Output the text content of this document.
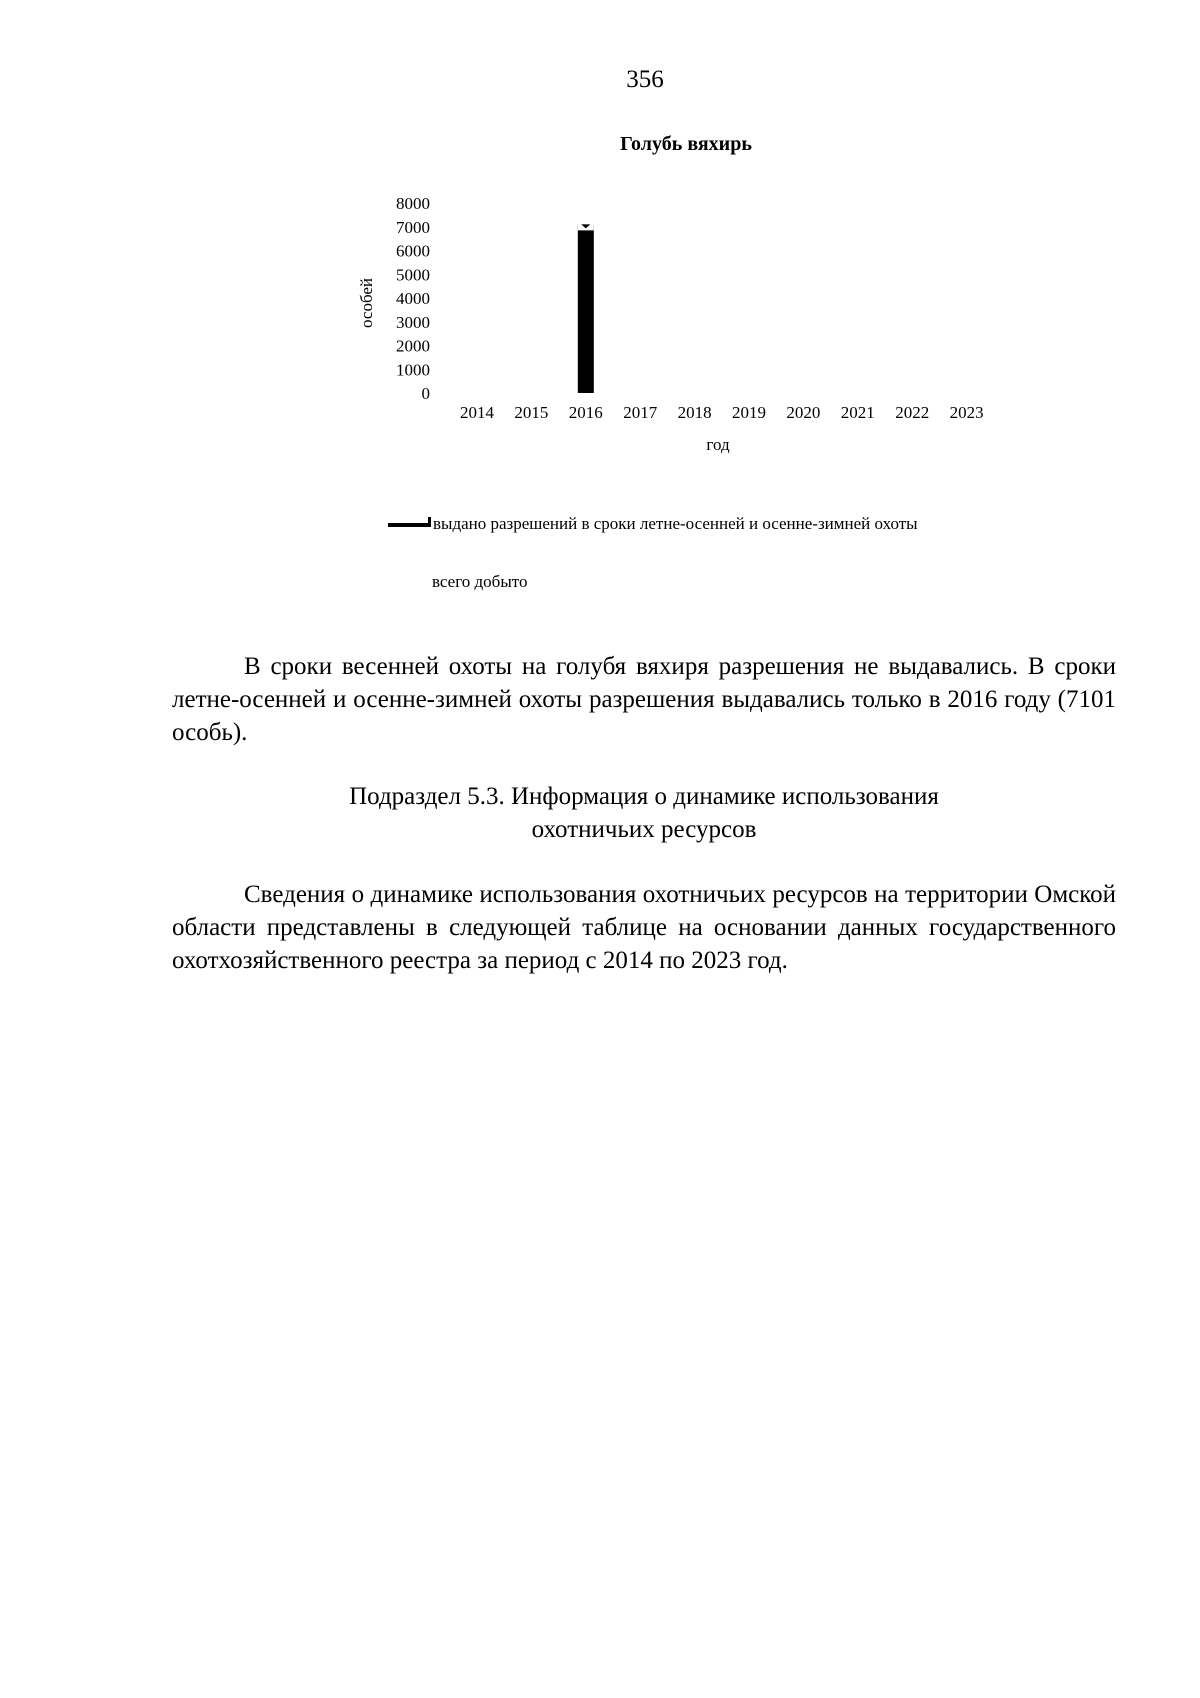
356
Голубь вяхирь
0
1000
2000
3000
4000
5000
6000
7000
8000
2014 2015 2016 2017 2018 2019 2020 2021 2022 2023
особей
год
выдано разрешений в сроки летне-осенней и осенне-зимней охоты
всего добыто
В сроки весенней охоты на голубя вяхиря разрешения не выдавались. В сроки летне-осенней и осенне-зимней охоты разрешения выдавались только в 2016 году (7101 особь).

Подраздел 5.3. Информация о динамике использования

охотничьих ресурсов

Сведения о динамике использования охотничьих ресурсов на территории Омской области представлены в следующей таблице на основании данных государственного охотхозяйственного реестра за период с 2014 по 2023 год.
